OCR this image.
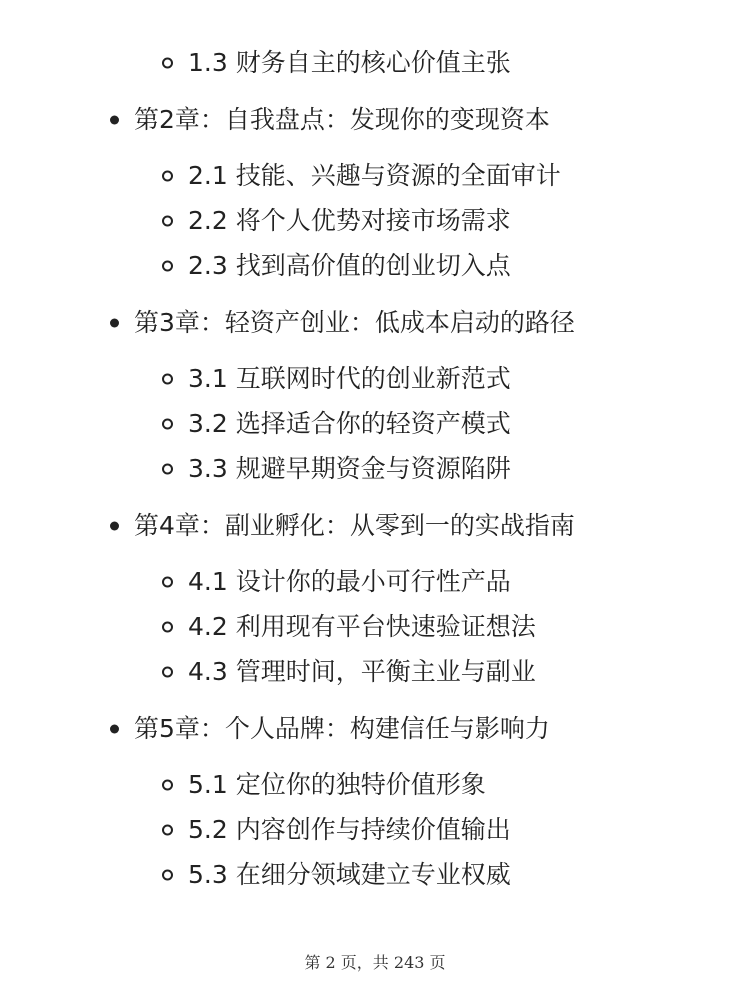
1.3 财务自主的核心价值主张
第2章：自我盘点：发现你的变现资本
2.1 技能、兴趣与资源的全面审计
2.2 将个人优势对接市场需求
2.3 找到高价值的创业切入点
第3章：轻资产创业：低成本启动的路径
3.1 互联网时代的创业新范式
3.2 选择适合你的轻资产模式
3.3 规避早期资金与资源陷阱
第4章：副业孵化：从零到一的实战指南
4.1 设计你的最小可行性产品
4.2 利用现有平台快速验证想法
4.3 管理时间，平衡主业与副业
第5章：个人品牌：构建信任与影响力
5.1 定位你的独特价值形象
5.2 内容创作与持续价值输出
5.3 在细分领域建立专业权威
第 2 页，共 243 页
